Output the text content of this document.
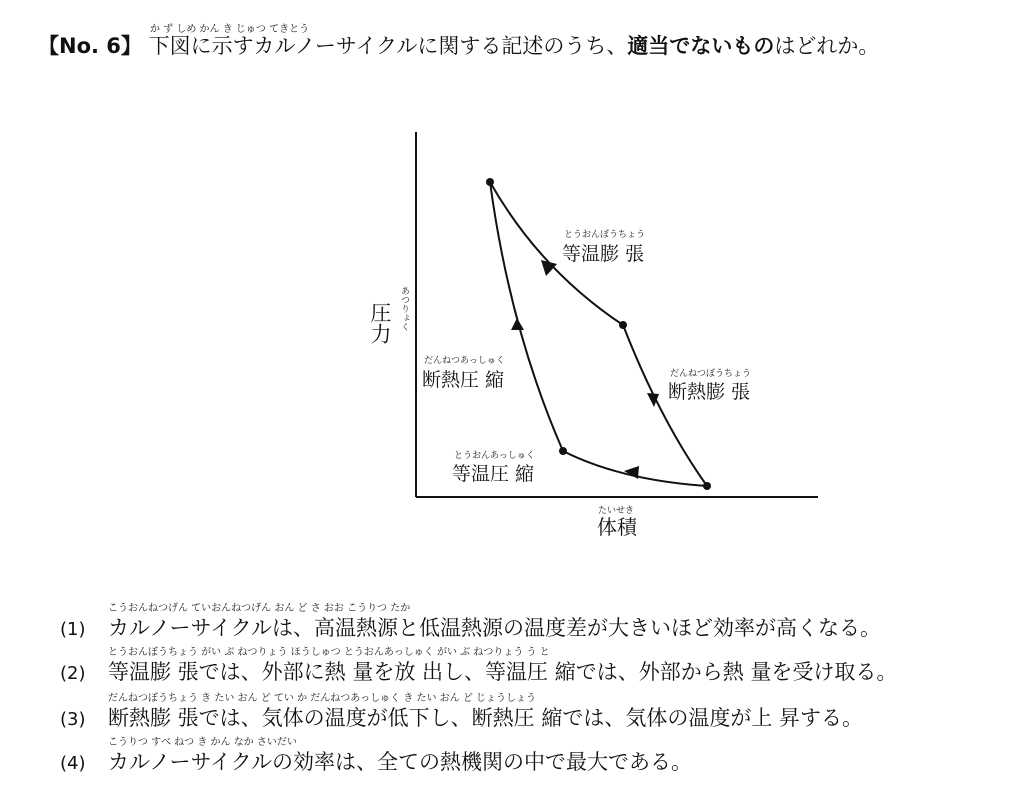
か ず しめ かん き じゅつ てきとう
【No. 6】 下図に示すカルノーサイクルに関する記述のうち、適当でないものはどれか。
とうおんぼうちょう
等温膨 張
だんねつぼうちょう
断熱膨 張
とうおんあっしゅく
等温圧 縮
だんねつあっしゅく
断熱圧 縮
圧力 あつりょく
たいせき
体積
こうおんねつげん ていおんねつげん おん ど さ おお こうりつ たか
(1) カルノーサイクルは、高温熱源と低温熱源の温度差が大きいほど効率が高くなる。
とうおんぼうちょう がい ぶ ねつりょう ほうしゅつ とうおんあっしゅく がい ぶ ねつりょう う と
(2) 等温膨 張では、外部に熱 量を放 出し、等温圧 縮では、外部から熱 量を受け取る。
だんねつぼうちょう き たい おん ど てい か だんねつあっしゅく き たい おん ど じょうしょう
(3) 断熱膨 張では、気体の温度が低下し、断熱圧 縮では、気体の温度が上 昇する。
こうりつ すべ ねつ き かん なか さいだい
(4) カルノーサイクルの効率は、全ての熱機関の中で最大である。
